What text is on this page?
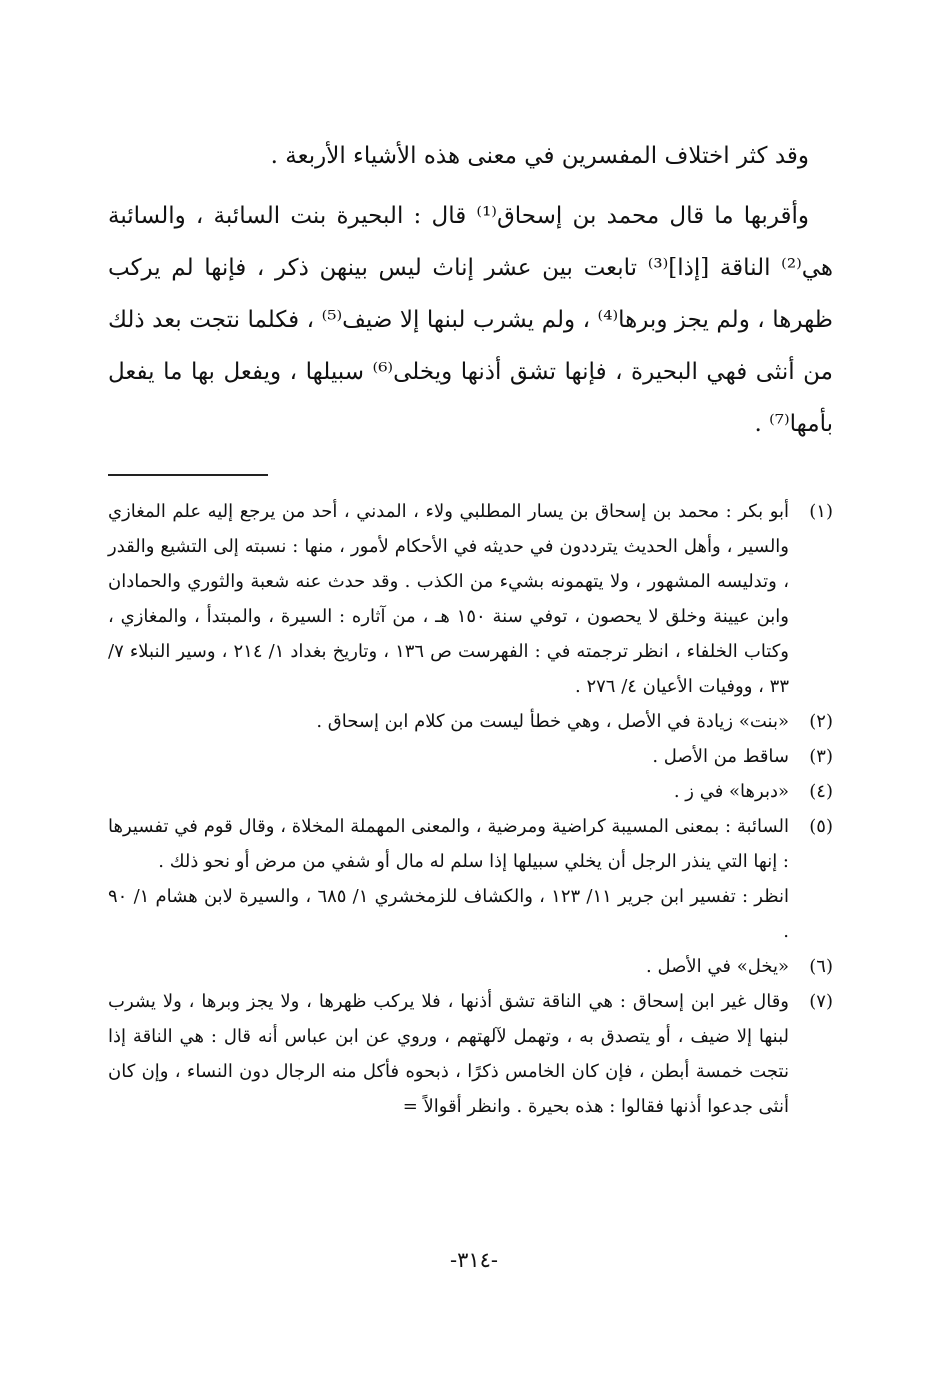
وقد كثر اختلاف المفسرين في معنى هذه الأشياء الأربعة .

وأقربها ما قال محمد بن إسحاق⁽¹⁾ قال : البحيرة بنت السائبة ، والسائبة هي⁽²⁾ الناقة [إذا]⁽³⁾ تابعت بين عشر إناث ليس بينهن ذكر ، فإنها لم يركب ظهرها ، ولم يجز وبرها⁽⁴⁾ ، ولم يشرب لبنها إلا ضيف⁽⁵⁾ ، فكلما نتجت بعد ذلك من أنثى فهي البحيرة ، فإنها تشق أذنها ويخلى⁽⁶⁾ سبيلها ، ويفعل بها ما يفعل بأمها⁽⁷⁾ .

(١)
أبو بكر : محمد بن إسحاق بن يسار المطلبي ولاء ، المدني ، أحد من يرجع إليه علم المغازي والسير ، وأهل الحديث يترددون في حديثه في الأحكام لأمور ، منها : نسبته إلى التشيع والقدر ، وتدليسه المشهور ، ولا يتهمونه بشيء من الكذب . وقد حدث عنه شعبة والثوري والحمادان وابن عيينة وخلق لا يحصون ، توفي سنة ١٥٠ هـ ، من آثاره : السيرة ، والمبتدأ ، والمغازي ، وكتاب الخلفاء ، انظر ترجمته في : الفهرست ص ١٣٦ ، وتاريخ بغداد ١/ ٢١٤ ، وسير النبلاء ٧/ ٣٣ ، ووفيات الأعيان ٤/ ٢٧٦ .
(٢)
«بنت» زيادة في الأصل ، وهي خطأ ليست من كلام ابن إسحاق .
(٣)
ساقط من الأصل .
(٤)
«دبرها» في ز .
(٥)
السائبة : بمعنى المسيبة كراضية ومرضية ، والمعنى المهملة المخلاة ، وقال قوم في تفسيرها : إنها التي ينذر الرجل أن يخلي سبيلها إذا سلم له مال أو شفي من مرض أو نحو ذلك .
انظر : تفسير ابن جرير ١١/ ١٢٣ ، والكشاف للزمخشري ١/ ٦٨٥ ، والسيرة لابن هشام ١/ ٩٠ .
(٦)
«يخل» في الأصل .
(٧)
وقال غير ابن إسحاق : هي الناقة تشق أذنها ، فلا يركب ظهرها ، ولا يجز وبرها ، ولا يشرب لبنها إلا ضيف ، أو يتصدق به ، وتهمل لآلهتهم ، وروي عن ابن عباس أنه قال : هي الناقة إذا نتجت خمسة أبطن ، فإن كان الخامس ذكرًا ، ذبحوه فأكل منه الرجال دون النساء ، وإن كان أنثى جدعوا أذنها فقالوا : هذه بحيرة . وانظر أقوالاً =
-٣١٤-
